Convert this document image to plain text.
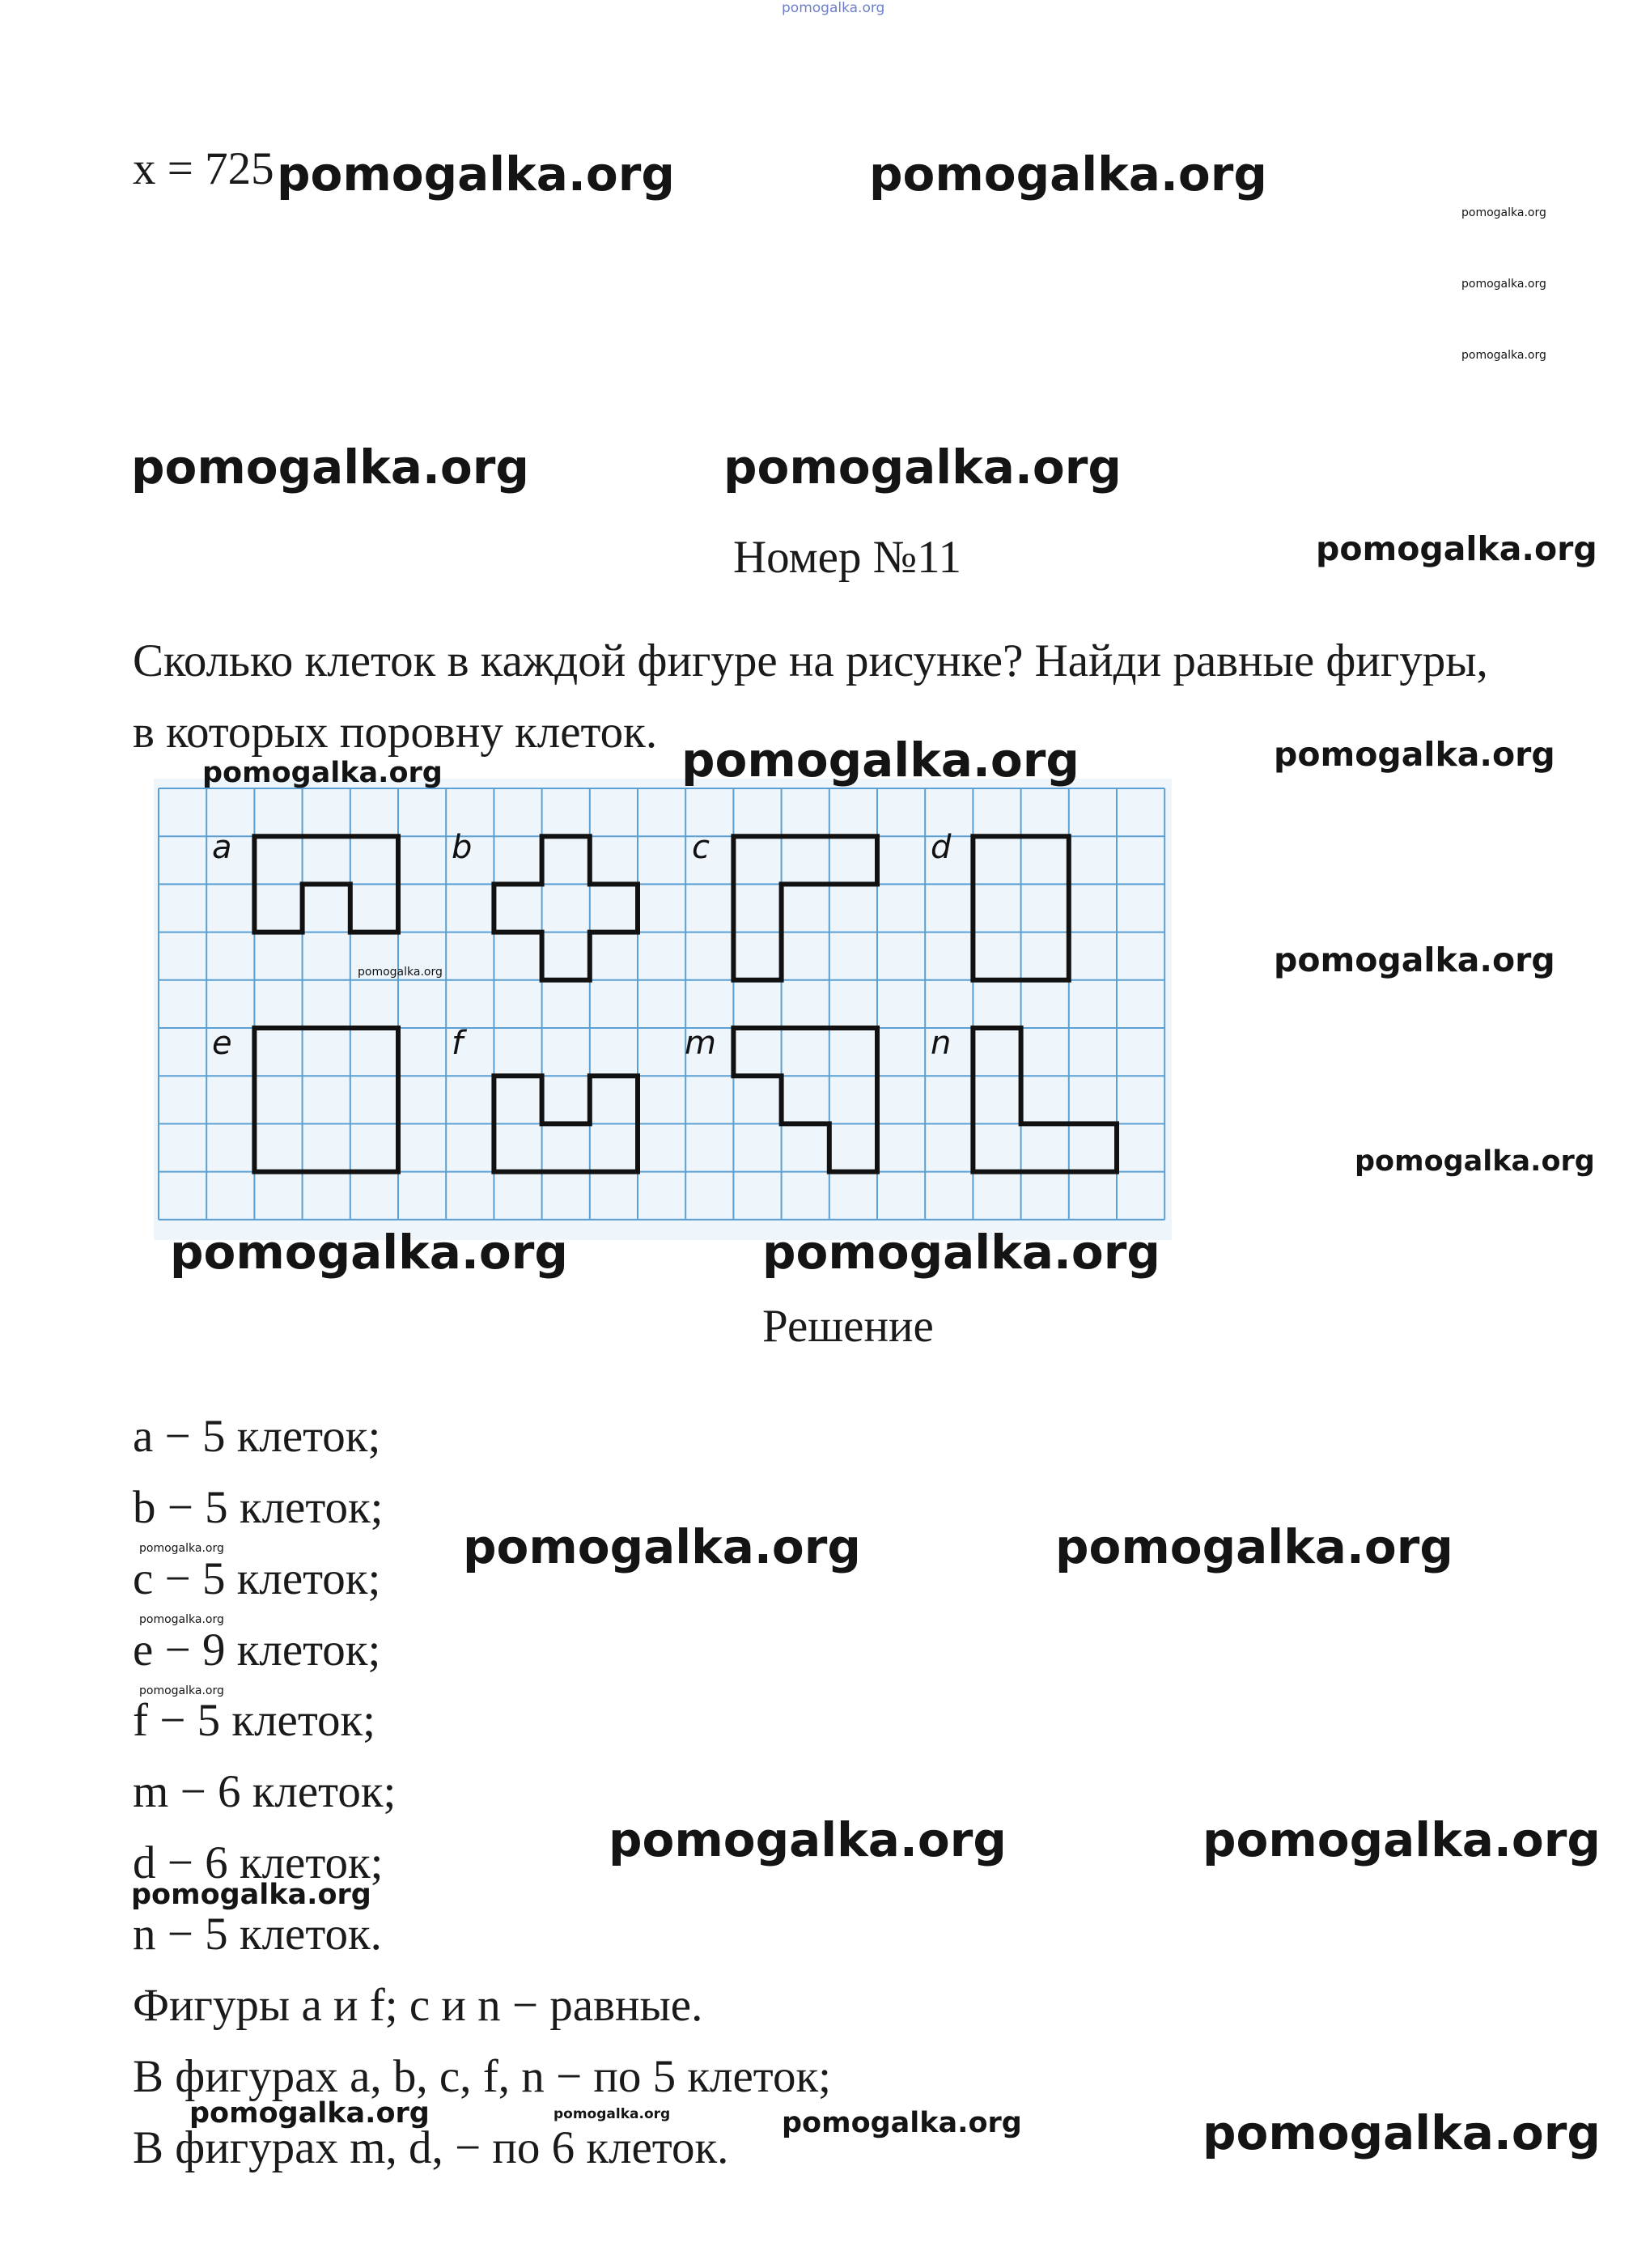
pomogalka.org
x = 725
Номер №11
Сколько клеток в каждой фигуре на рисунке? Найди равные фигуры,
в которых поровну клеток.
a	b	c	d
e	f	m	n
Решение
a − 5 клеток;
b − 5 клеток;
c − 5 клеток;
e − 9 клеток;
f − 5 клеток;
m − 6 клеток;
d − 6 клеток;
n − 5 клеток.
Фигуры a и f; c и n − равные.
В фигурах a, b, c, f, n − по 5 клеток;
В фигурах m, d, − по 6 клеток.
pomogalka.org	pomogalka.org
pomogalka.org
pomogalka.org
pomogalka.org
pomogalka.org	pomogalka.org
pomogalka.org
pomogalka.org	pomogalka.org	pomogalka.org
pomogalka.org	pomogalka.org
pomogalka.org
pomogalka.org	pomogalka.org
pomogalka.org	pomogalka.org	pomogalka.org
pomogalka.org
pomogalka.org
pomogalka.org	pomogalka.org
pomogalka.org
pomogalka.org	pomogalka.org	pomogalka.org	pomogalka.org
